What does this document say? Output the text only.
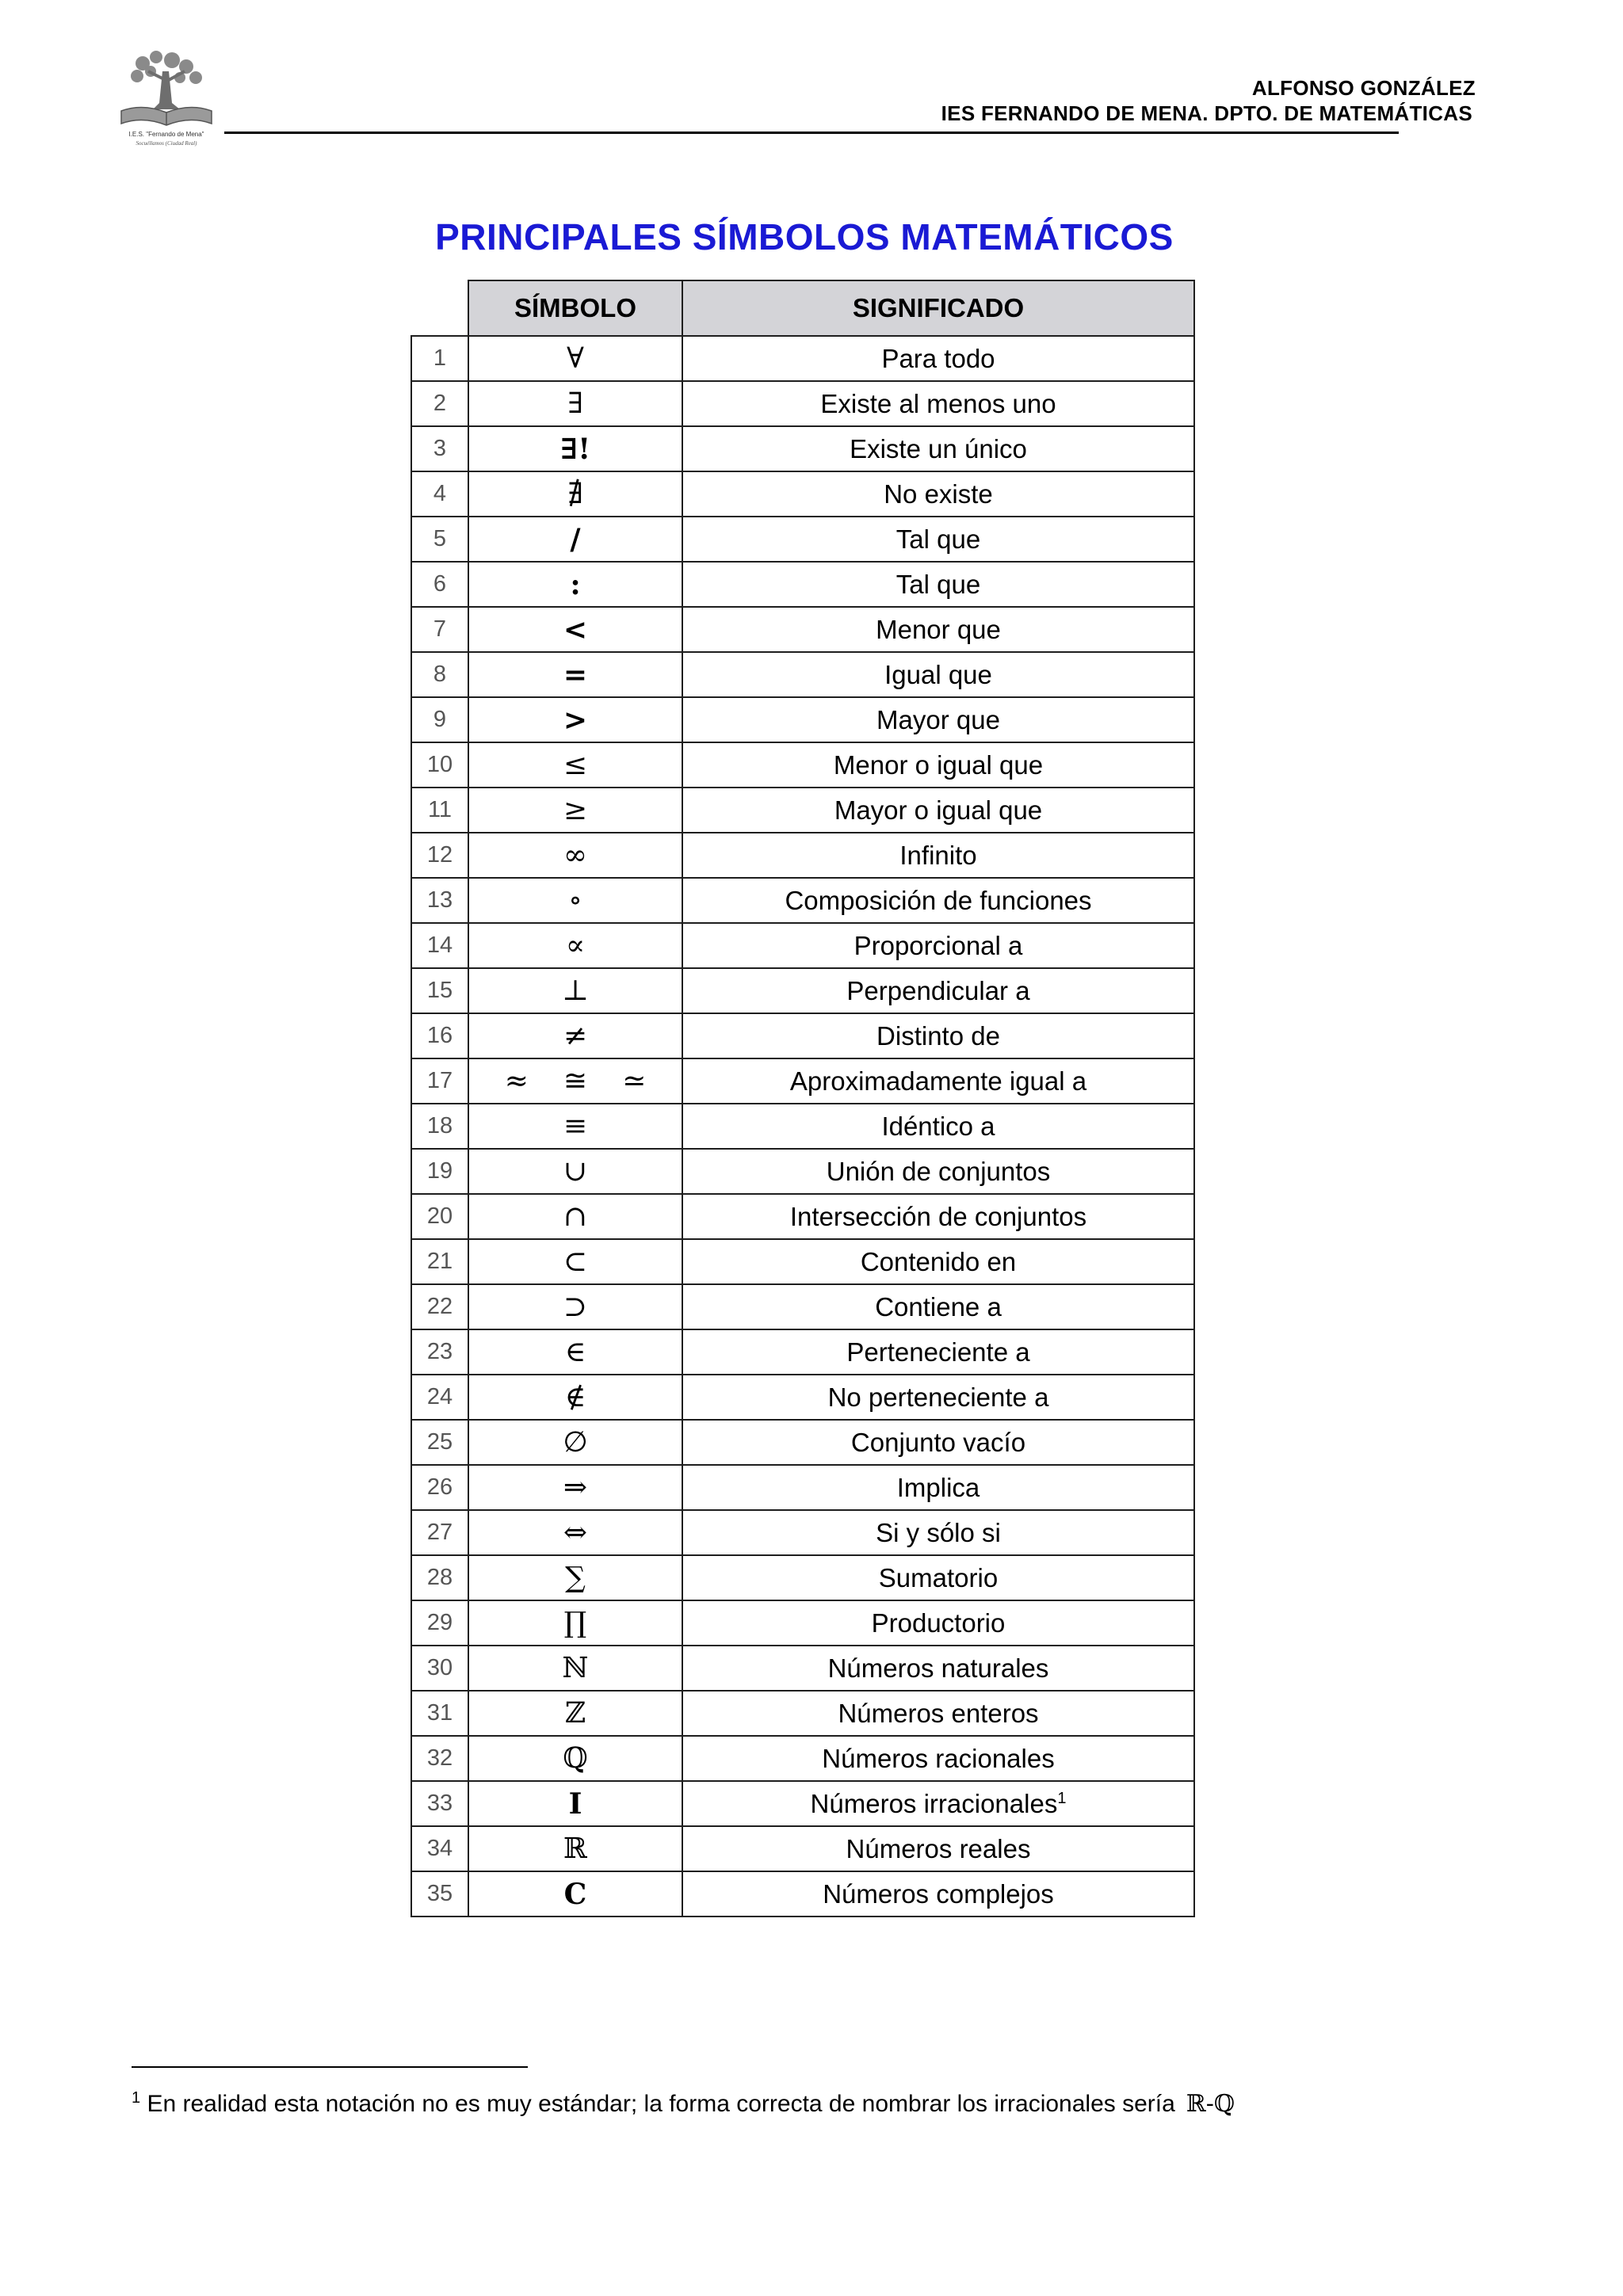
I.E.S. "Fernando de Mena"
Socuéllamos (Ciudad Real)
ALFONSO GONZÁLEZ
IES FERNANDO DE MENA. DPTO. DE MATEMÁTICAS
PRINCIPALES SÍMBOLOS MATEMÁTICOS
	SÍMBOLO	SIGNIFICADO
1	∀	Para todo
2	∃	Existe al menos uno
3	∃!	Existe un único
4	∄	No existe
5	/	Tal que
6	:	Tal que
7	<	Menor que
8	=	Igual que
9	>	Mayor que
10	≤	Menor o igual que
11	≥	Mayor o igual que
12	∞	Infinito
13	∘	Composición de funciones
14	∝	Proporcional a
15	⊥	Perpendicular a
16	≠	Distinto de
17	≈ ≅ ≃	Aproximadamente igual a
18	≡	Idéntico a
19	∪	Unión de conjuntos
20	∩	Intersección de conjuntos
21	⊂	Contenido en
22	⊃	Contiene a
23	∈	Perteneciente a
24	∉	No perteneciente a
25	∅	Conjunto vacío
26	⇒	Implica
27	⇔	Si y sólo si
28	∑	Sumatorio
29	∏	Productorio
30	ℕ	Números naturales
31	ℤ	Números enteros
32	ℚ	Números racionales
33	I	Números irracionales$^1$
34	ℝ	Números reales
35	C	Números complejos
$^1$ En realidad esta notación no es muy estándar; la forma correcta de nombrar los irracionales sería ℝ-ℚ
